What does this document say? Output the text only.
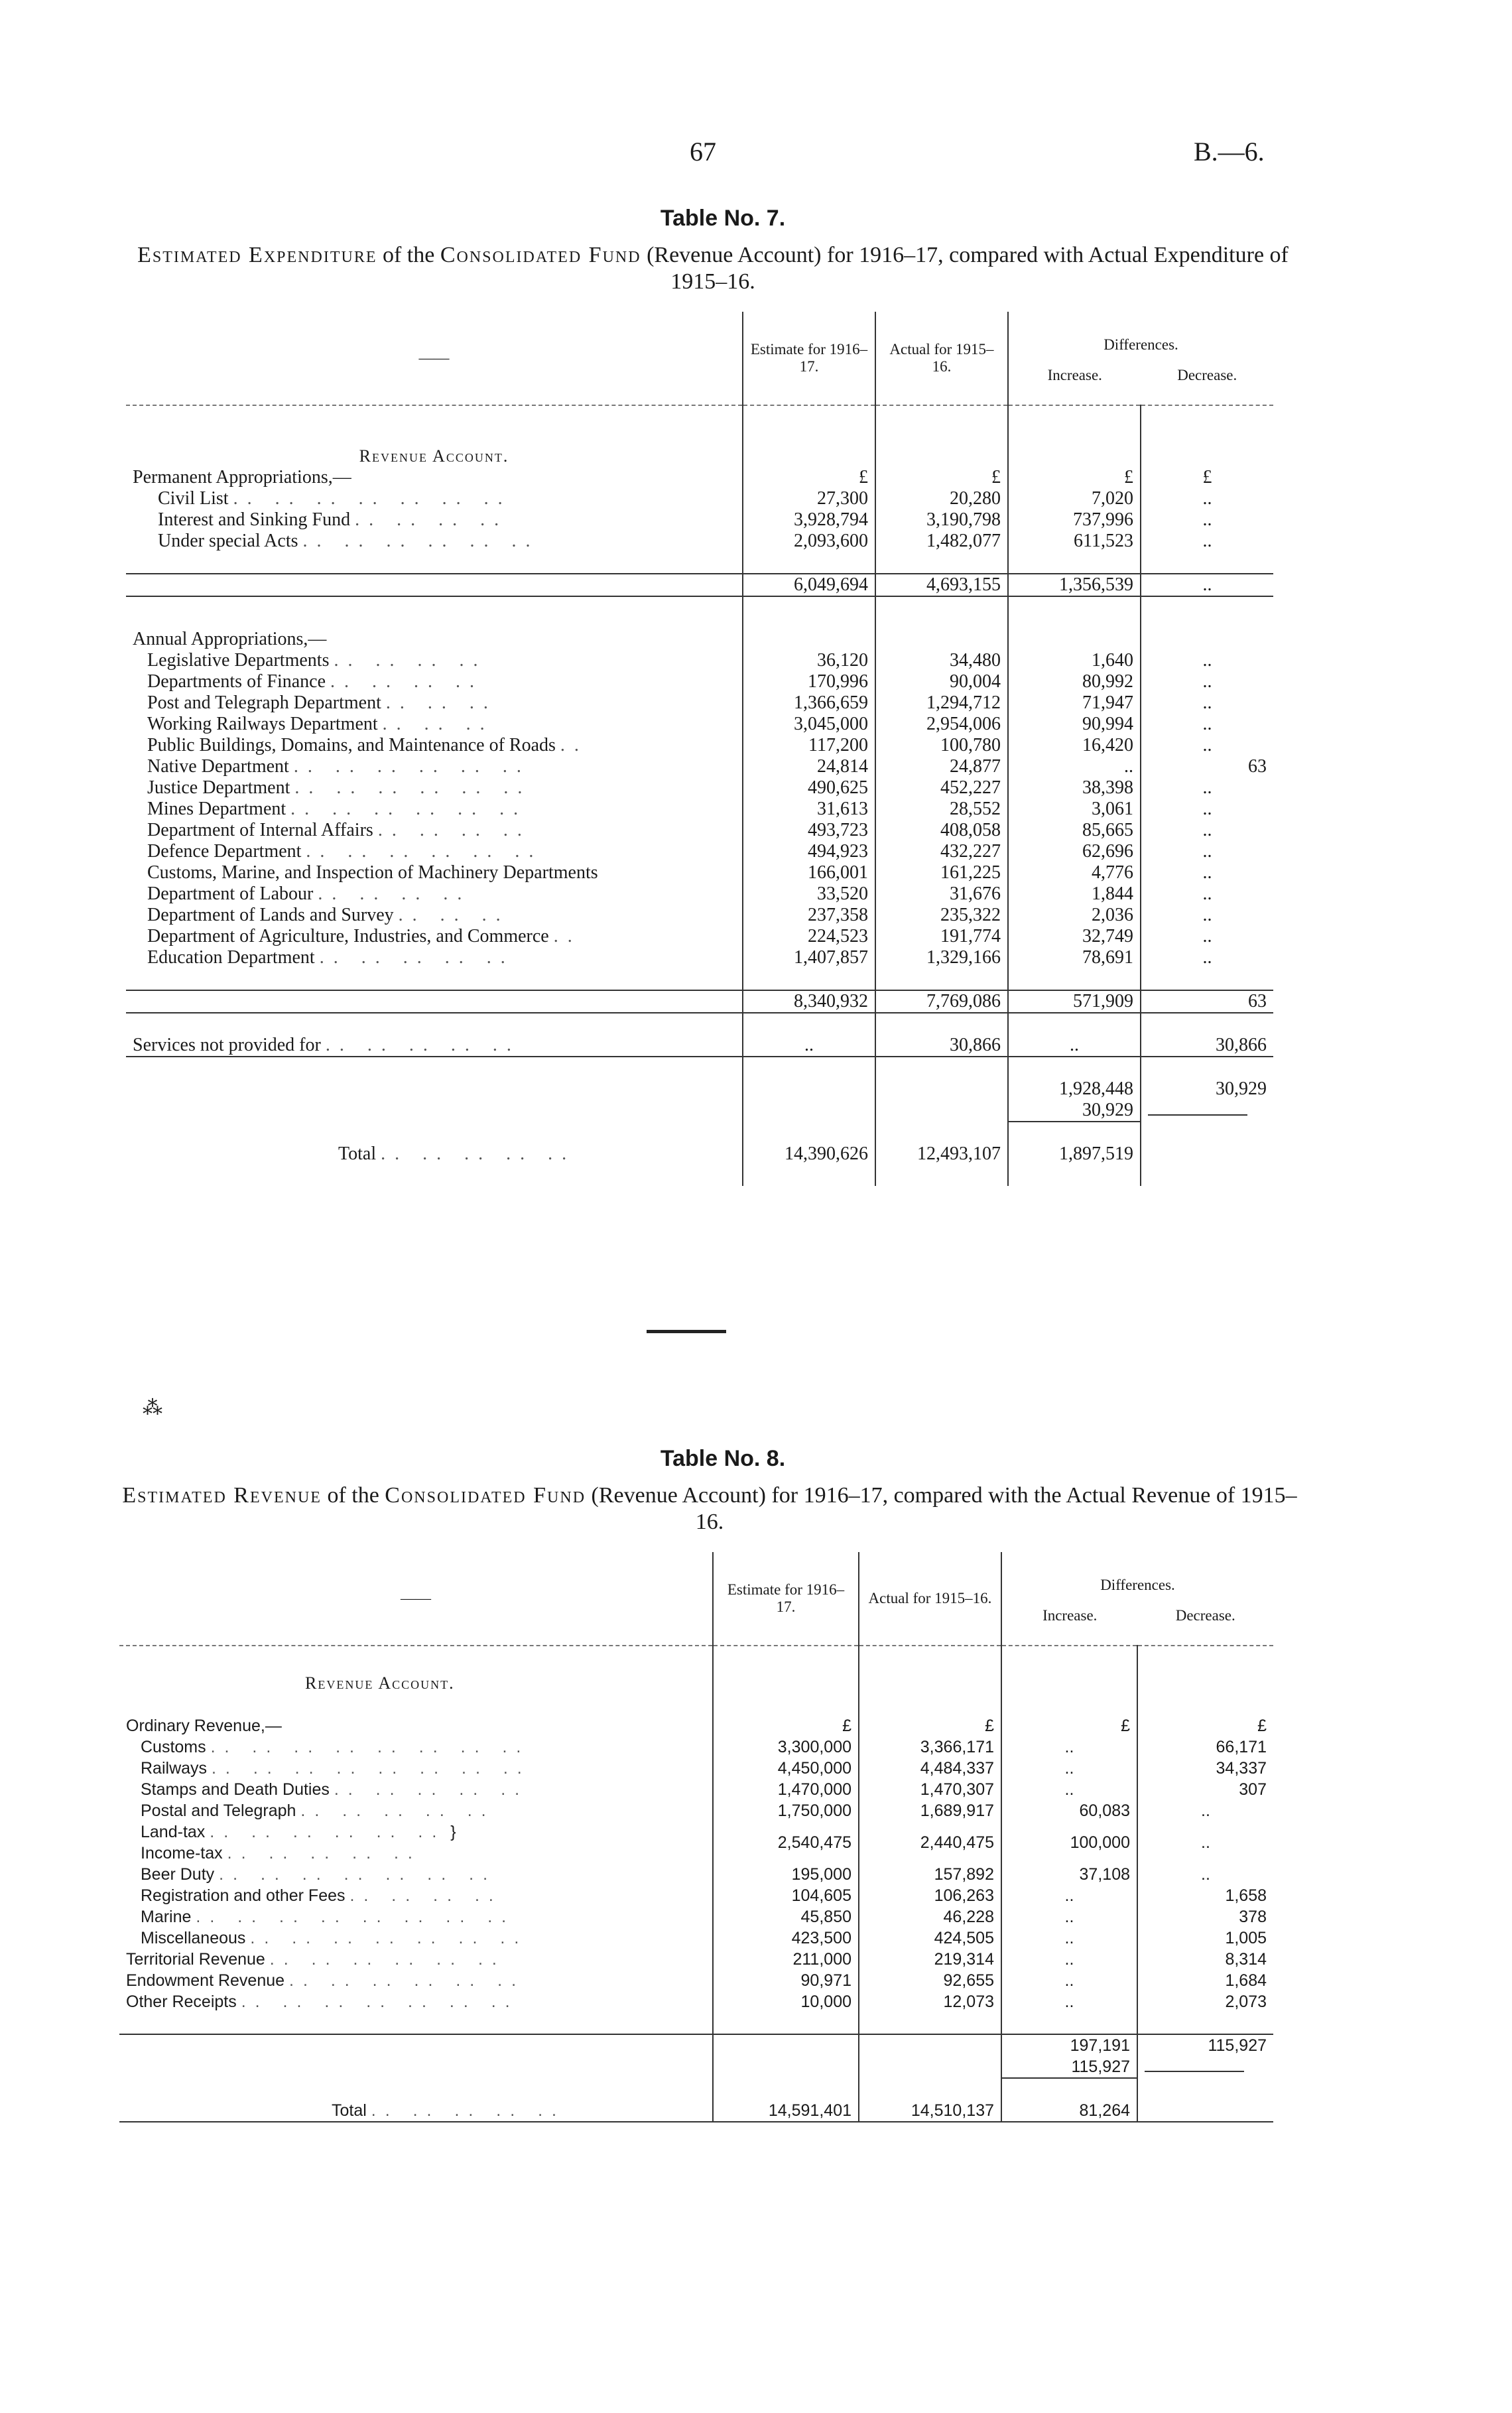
67	B.—6.
Table No. 7.
Estimated Expenditure of the Consolidated Fund (Revenue Account) for 1916–17, compared with Actual Expenditure of 1915–16.
——	Estimate for 1916–17.	Actual for 1915–16.	Differences.
Increase. Decrease.	

Revenue Account.				
Permanent Appropriations,—	£	£	£	£
Civil List .. .. .. .. .. .. ..	27,300	20,280	7,020	..
Interest and Sinking Fund .. .. .. ..	3,928,794	3,190,798	737,996	..
Under special Acts .. .. .. .. .. ..	2,093,600	1,482,077	611,523	..

	6,049,694	4,693,155	1,356,539	..

Annual Appropriations,—				
Legislative Departments .. .. .. ..	36,120	34,480	1,640	..
Departments of Finance .. .. .. ..	170,996	90,004	80,992	..
Post and Telegraph Department .. .. ..	1,366,659	1,294,712	71,947	..
Working Railways Department .. .. ..	3,045,000	2,954,006	90,994	..
Public Buildings, Domains, and Maintenance of Roads ..	117,200	100,780	16,420	..
Native Department .. .. .. .. .. ..	24,814	24,877	..	63
Justice Department .. .. .. .. .. ..	490,625	452,227	38,398	..
Mines Department .. .. .. .. .. ..	31,613	28,552	3,061	..
Department of Internal Affairs .. .. .. ..	493,723	408,058	85,665	..
Defence Department .. .. .. .. .. ..	494,923	432,227	62,696	..
Customs, Marine, and Inspection of Machinery Departments	166,001	161,225	4,776	..
Department of Labour .. .. .. ..	33,520	31,676	1,844	..
Department of Lands and Survey .. .. ..	237,358	235,322	2,036	..
Department of Agriculture, Industries, and Commerce ..	224,523	191,774	32,749	..
Education Department .. .. .. .. ..	1,407,857	1,329,166	78,691	..

	8,340,932	7,769,086	571,909	63

Services not provided for .. .. .. .. ..	..	30,866	..	30,866

			1,928,448	30,929
			30,929	

Total .. .. .. .. ..	14,390,626	12,493,107	1,897,519	

⁂
Table No. 8.
Estimated Revenue of the Consolidated Fund (Revenue Account) for 1916–17, compared with the Actual Revenue of 1915–16.
——	Estimate for 1916–17.	Actual for 1915–16.	Differences.
Increase. Decrease.	

Revenue Account.				

Ordinary Revenue,—	£	£	£	£
Customs .. .. .. .. .. .. .. ..	3,300,000	3,366,171	..	66,171
Railways .. .. .. .. .. .. .. ..	4,450,000	4,484,337	..	34,337
Stamps and Death Duties .. .. .. .. ..	1,470,000	1,470,307	..	307
Postal and Telegraph .. .. .. .. ..	1,750,000	1,689,917	60,083	..

Land-tax .. .. .. .. .. .. }
Income-tax .. .. .. .. ..	2,540,475	2,440,475	100,000	..
Beer Duty .. .. .. .. .. .. ..	195,000	157,892	37,108	..
Registration and other Fees .. .. .. ..	104,605	106,263	..	1,658
Marine .. .. .. .. .. .. .. ..	45,850	46,228	..	378
Miscellaneous .. .. .. .. .. .. ..	423,500	424,505	..	1,005
Territorial Revenue .. .. .. .. .. ..	211,000	219,314	..	8,314
Endowment Revenue .. .. .. .. .. ..	90,971	92,655	..	1,684
Other Receipts .. .. .. .. .. .. ..	10,000	12,073	..	2,073

			197,191	115,927
			115,927	

Total .. .. .. .. ..	14,591,401	14,510,137	81,264	
